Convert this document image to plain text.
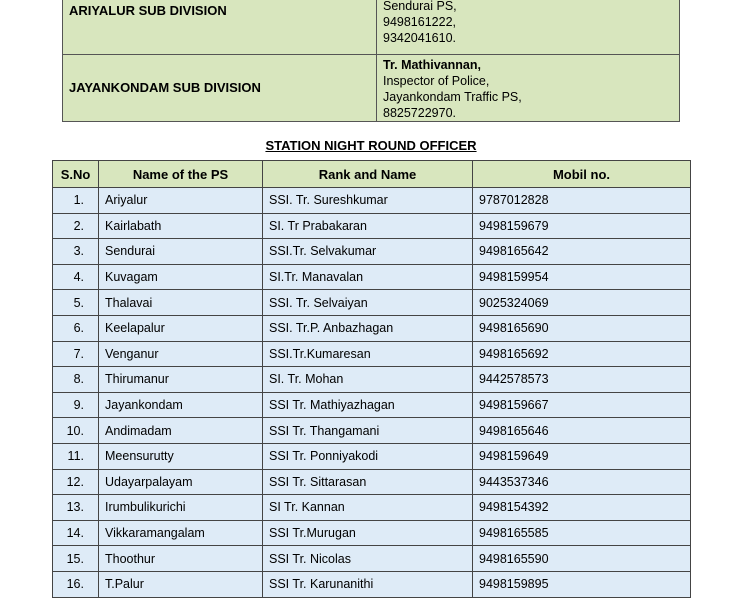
ARIYALUR SUB DIVISION	Sendurai PS,
9498161222,
9342041610.

JAYANKONDAM SUB DIVISION	Tr. Mathivannan,
Inspector of Police,
Jayankondam Traffic PS,
8825722970.
STATION NIGHT ROUND OFFICER
S.No	Name of the PS	Rank and Name	Mobil no.
1.	Ariyalur	SSI. Tr. Sureshkumar	9787012828
2.	Kairlabath	SI. Tr Prabakaran	9498159679
3.	Sendurai	SSI.Tr. Selvakumar	9498165642
4.	Kuvagam	SI.Tr. Manavalan	9498159954
5.	Thalavai	SSI. Tr. Selvaiyan	9025324069
6.	Keelapalur	SSI. Tr.P. Anbazhagan	9498165690
7.	Venganur	SSI.Tr.Kumaresan	9498165692
8.	Thirumanur	SI. Tr. Mohan	9442578573
9.	Jayankondam	SSI Tr. Mathiyazhagan	9498159667
10.	Andimadam	SSI Tr. Thangamani	9498165646
11.	Meensurutty	SSI Tr. Ponniyakodi	9498159649
12.	Udayarpalayam	SSI Tr. Sittarasan	9443537346
13.	Irumbulikurichi	SI Tr. Kannan	9498154392
14.	Vikkaramangalam	SSI Tr.Murugan	9498165585
15.	Thoothur	SSI Tr. Nicolas	9498165590
16.	T.Palur	SSI Tr. Karunanithi	9498159895
